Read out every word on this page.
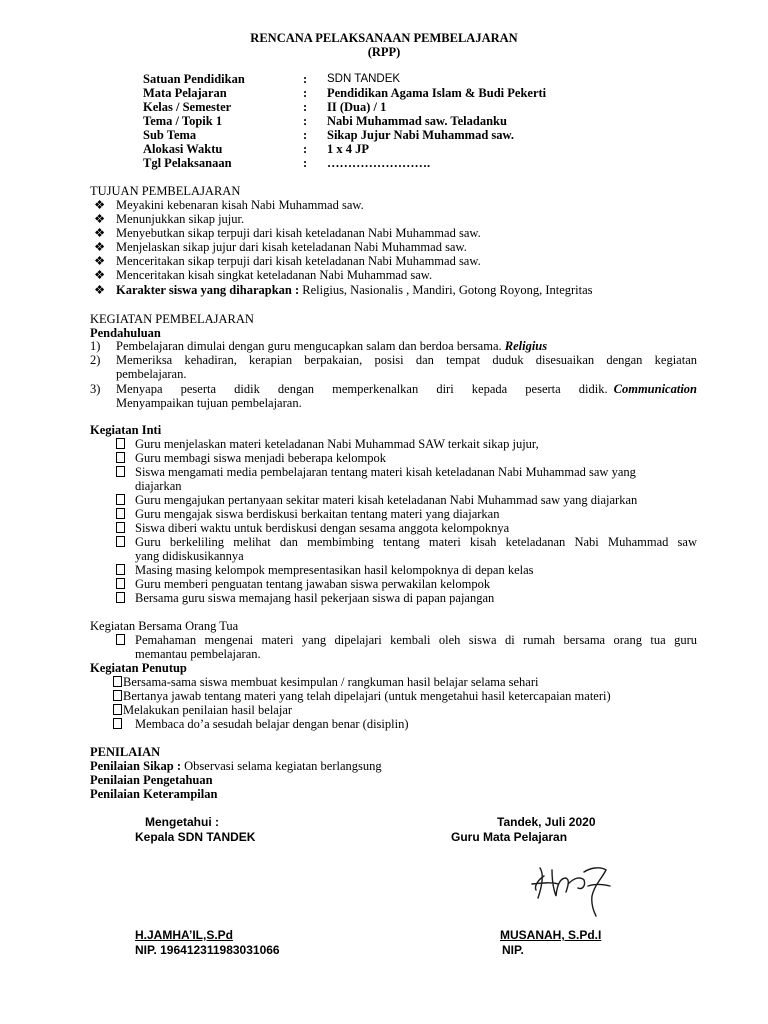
RENCANA PELAKSANAAN PEMBELAJARAN
(RPP)
Satuan Pendidikan	: SDN TANDEK
Mata Pelajaran	: Pendidikan Agama Islam & Budi Pekerti
Kelas / Semester	: II (Dua) / 1
Tema / Topik 1	: Nabi Muhammad saw. Teladanku
Sub Tema	: Sikap Jujur Nabi Muhammad saw.
Alokasi Waktu	: 1 x 4 JP
Tgl Pelaksanaan	: …………………….
TUJUAN PEMBELAJARAN
❖ Meyakini kebenaran kisah Nabi Muhammad saw.
❖ Menunjukkan sikap jujur.
❖ Menyebutkan sikap terpuji dari kisah keteladanan Nabi Muhammad saw.
❖ Menjelaskan sikap jujur dari kisah keteladanan Nabi Muhammad saw.
❖ Menceritakan sikap terpuji dari kisah keteladanan Nabi Muhammad saw.
❖ Menceritakan kisah singkat keteladanan Nabi Muhammad saw.
❖ Karakter siswa yang diharapkan : Religius, Nasionalis , Mandiri, Gotong Royong, Integritas
KEGIATAN PEMBELAJARAN
Pendahuluan
1) Pembelajaran dimulai dengan guru mengucapkan salam dan berdoa bersama. Religius
2) Memeriksa kehadiran, kerapian berpakaian, posisi dan tempat duduk disesuaikan dengan kegiatan
pembelajaran.
3) Menyapa peserta didik dengan memperkenalkan diri kepada peserta didik. Communication
Menyampaikan tujuan pembelajaran.
Kegiatan Inti
Guru menjelaskan materi keteladanan Nabi Muhammad SAW terkait sikap jujur,
Guru membagi siswa menjadi beberapa kelompok
Siswa mengamati media pembelajaran tentang materi kisah keteladanan Nabi Muhammad saw yang
diajarkan
Guru mengajukan pertanyaan sekitar materi kisah keteladanan Nabi Muhammad saw yang diajarkan
Guru mengajak siswa berdiskusi berkaitan tentang materi yang diajarkan
Siswa diberi waktu untuk berdiskusi dengan sesama anggota kelompoknya
Guru berkeliling melihat dan membimbing tentang materi kisah keteladanan Nabi Muhammad saw
yang didiskusikannya
Masing masing kelompok mempresentasikan hasil kelompoknya di depan kelas
Guru memberi penguatan tentang jawaban siswa perwakilan kelompok
Bersama guru siswa memajang hasil pekerjaan siswa di papan pajangan
Kegiatan Bersama Orang Tua
Pemahaman mengenai materi yang dipelajari kembali oleh siswa di rumah bersama orang tua guru
memantau pembelajaran.
Kegiatan Penutup
Bersama-sama siswa membuat kesimpulan / rangkuman hasil belajar selama sehari
Bertanya jawab tentang materi yang telah dipelajari (untuk mengetahui hasil ketercapaian materi)
Melakukan penilaian hasil belajar
Membaca do’a sesudah belajar dengan benar (disiplin)
PENILAIAN
Penilaian Sikap : Observasi selama kegiatan berlangsung
Penilaian Pengetahuan
Penilaian Keterampilan
Mengetahui :	Tandek, Juli 2020
Kepala SDN TANDEK	Guru Mata Pelajaran
H.JAMHA’IL,S.Pd	MUSANAH, S.Pd.I
NIP. 196412311983031066	NIP.
